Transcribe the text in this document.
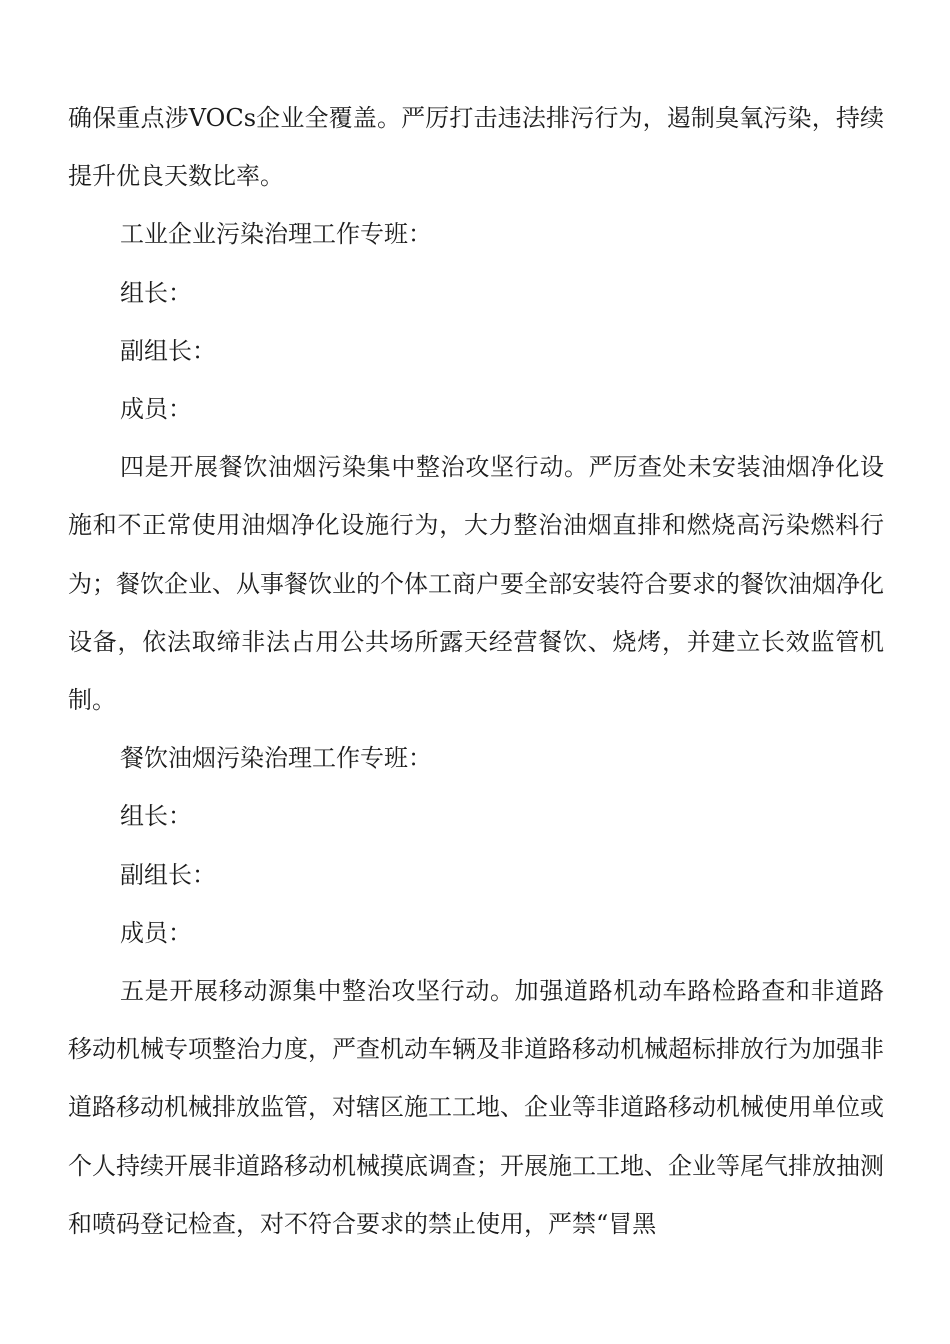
确保重点涉VOCs企业全覆盖。严厉打击违法排污行为，遏制臭氧污染，持续提升优良天数比率。

工业企业污染治理工作专班：

组长：

副组长：

成员：

四是开展餐饮油烟污染集中整治攻坚行动。严厉查处未安装油烟净化设施和不正常使用油烟净化设施行为，大力整治油烟直排和燃烧高污染燃料行为；餐饮企业、从事餐饮业的个体工商户要全部安装符合要求的餐饮油烟净化设备，依法取缔非法占用公共场所露天经营餐饮、烧烤，并建立长效监管机制。

餐饮油烟污染治理工作专班：

组长：

副组长：

成员：

五是开展移动源集中整治攻坚行动。加强道路机动车路检路查和非道路移动机械专项整治力度，严查机动车辆及非道路移动机械超标排放行为加强非道路移动机械排放监管，对辖区施工工地、企业等非道路移动机械使用单位或个人持续开展非道路移动机械摸底调查；开展施工工地、企业等尾气排放抽测和喷码登记检查，对不符合要求的禁止使用，严禁“冒黑
